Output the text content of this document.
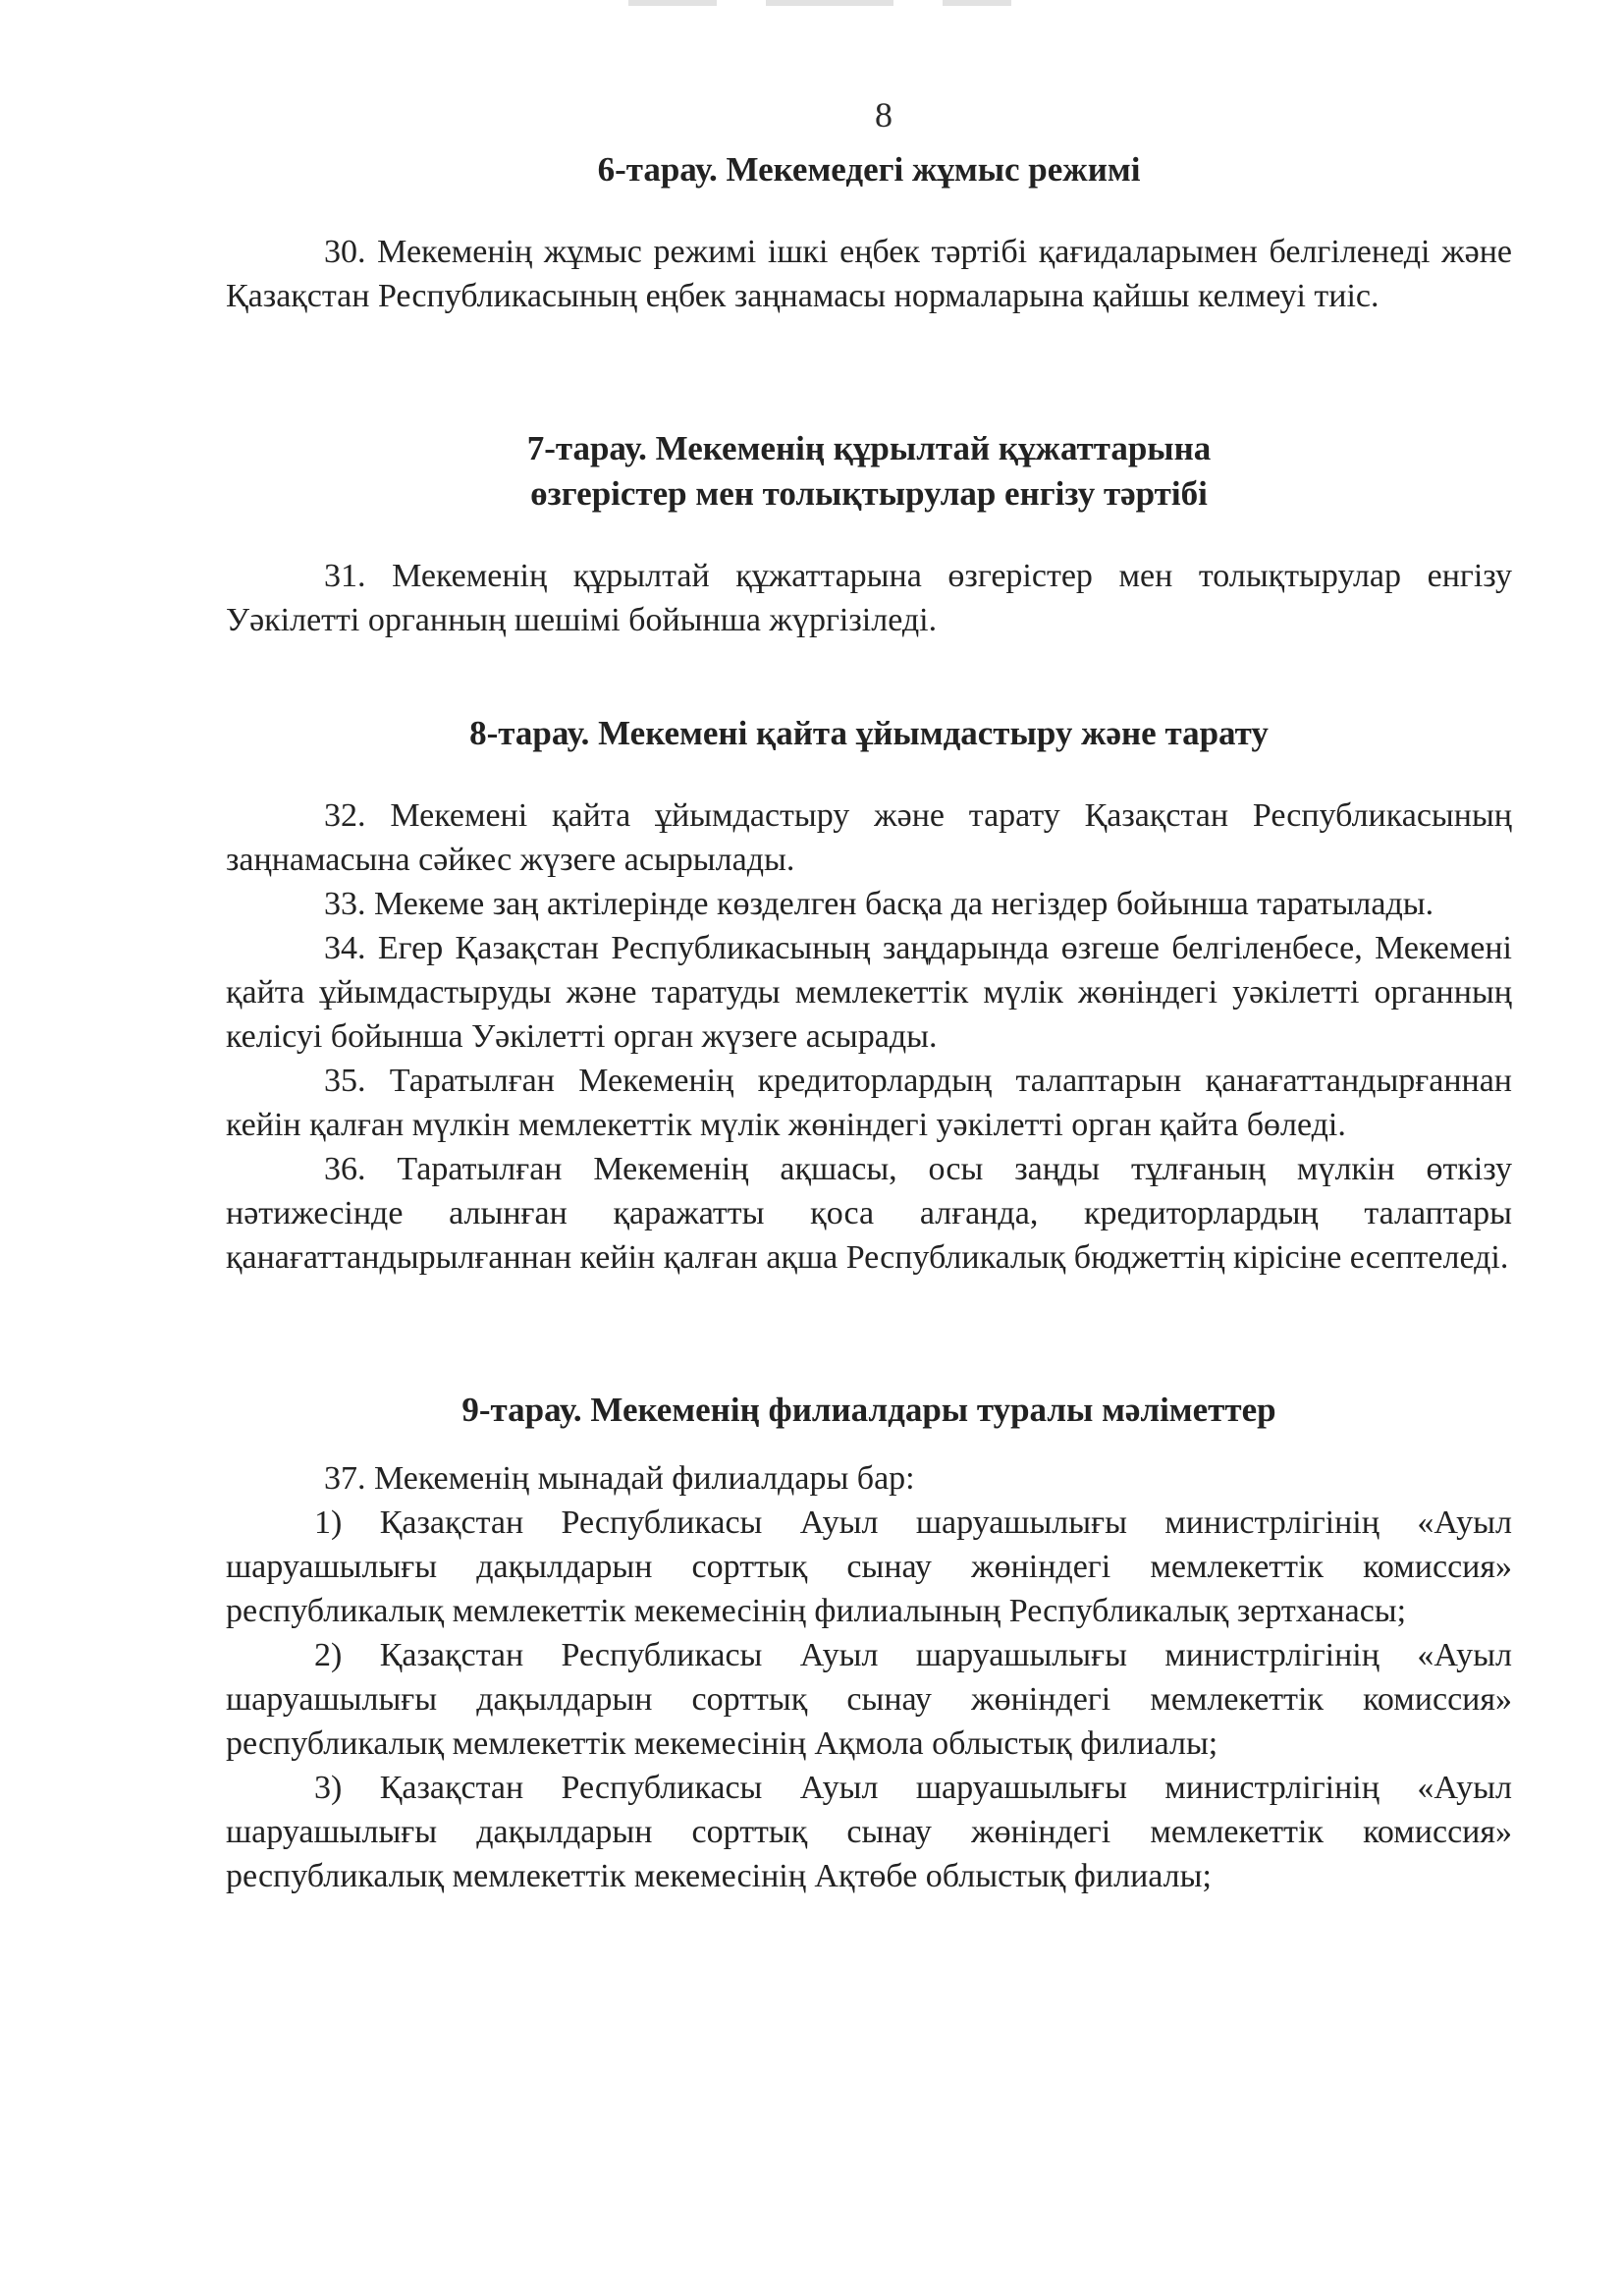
8
6-тарау. Мекемедегі жұмыс режимі

30. Мекеменің жұмыс режимі ішкі еңбек тәртібі қағидаларымен белгіленеді және Қазақстан Республикасының еңбек заңнамасы нормаларына қайшы келмеуі тиіс.

7-тарау. Мекеменің құрылтай құжаттарына
өзгерістер мен толықтырулар енгізу тәртібі

31. Мекеменің құрылтай құжаттарына өзгерістер мен толықтырулар енгізу Уәкілетті органның шешімі бойынша жүргізіледі.

8-тарау. Мекемені қайта ұйымдастыру және тарату

32. Мекемені қайта ұйымдастыру және тарату Қазақстан Республикасының заңнамасына сәйкес жүзеге асырылады.

33. Мекеме заң актілерінде көзделген басқа да негіздер бойынша таратылады.

34. Егер Қазақстан Республикасының заңдарында өзгеше белгіленбесе, Мекемені қайта ұйымдастыруды және таратуды мемлекеттік мүлік жөніндегі уәкілетті органның келісуі бойынша Уәкілетті орган жүзеге асырады.

35. Таратылған Мекеменің кредиторлардың талаптарын қанағаттандырғаннан кейін қалған мүлкін мемлекеттік мүлік жөніндегі уәкілетті орган қайта бөледі.

36. Таратылған Мекеменің ақшасы, осы заңды тұлғаның мүлкін өткізу нәтижесінде алынған қаражатты қоса алғанда, кредиторлардың талаптары қанағаттандырылғаннан кейін қалған ақша Республикалық бюджеттің кірісіне есептеледі.

9-тарау. Мекеменің филиалдары туралы мәліметтер

37. Мекеменің мынадай филиалдары бар:

1) Қазақстан Республикасы Ауыл шаруашылығы министрлігінің «Ауыл шаруашылығы дақылдарын сорттық сынау жөніндегі мемлекеттік комиссия» республикалық мемлекеттік мекемесінің филиалының Республикалық зертханасы;

2) Қазақстан Республикасы Ауыл шаруашылығы министрлігінің «Ауыл шаруашылығы дақылдарын сорттық сынау жөніндегі мемлекеттік комиссия» республикалық мемлекеттік мекемесінің Ақмола облыстық филиалы;

3) Қазақстан Республикасы Ауыл шаруашылығы министрлігінің «Ауыл шаруашылығы дақылдарын сорттық сынау жөніндегі мемлекеттік комиссия» республикалық мемлекеттік мекемесінің Ақтөбе облыстық филиалы;
